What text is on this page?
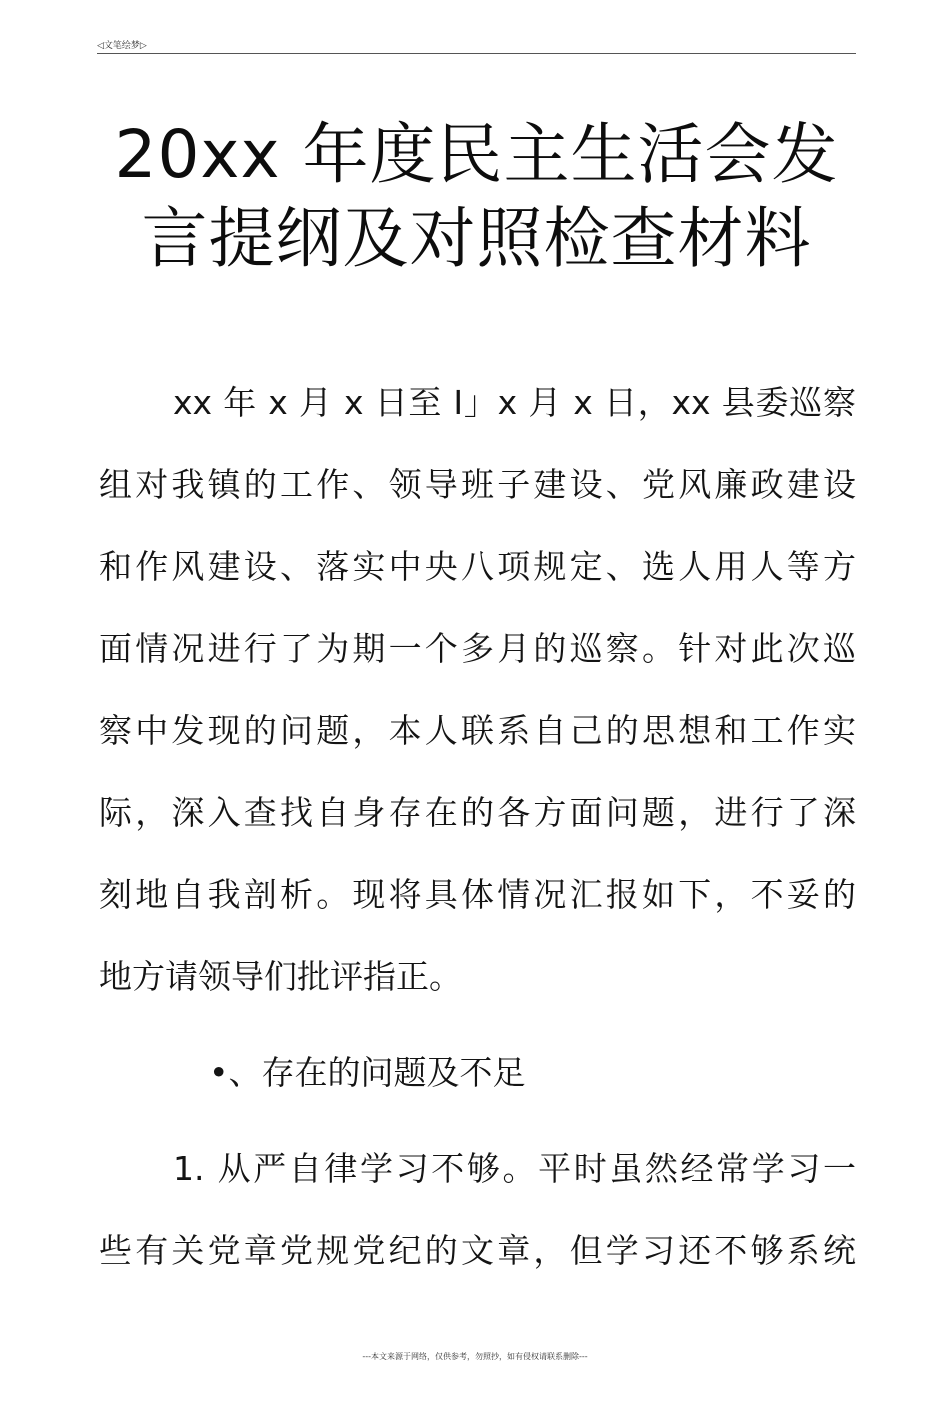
◁文笔绘梦▷
20xx 年度民主生活会发
言提纲及对照检查材料

xx 年 x 月 x 日至 I」x 月 x 日，xx 县委巡察
组对我镇的工作、领导班子建设、党风廉政建设
和作风建设、落实中央八项规定、选人用人等方
面情况进行了为期一个多月的巡察。针对此次巡
察中发现的问题，本人联系自己的思想和工作实
际，深入查找自身存在的各方面问题，进行了深
刻地自我剖析。现将具体情况汇报如下，不妥的
地方请领导们批评指正。

•、存在的问题及不足

1. 从严自律学习不够。平时虽然经常学习一
些有关党章党规党纪的文章，但学习还不够系统

---本文来源于网络，仅供参考，勿照抄，如有侵权请联系删除---
